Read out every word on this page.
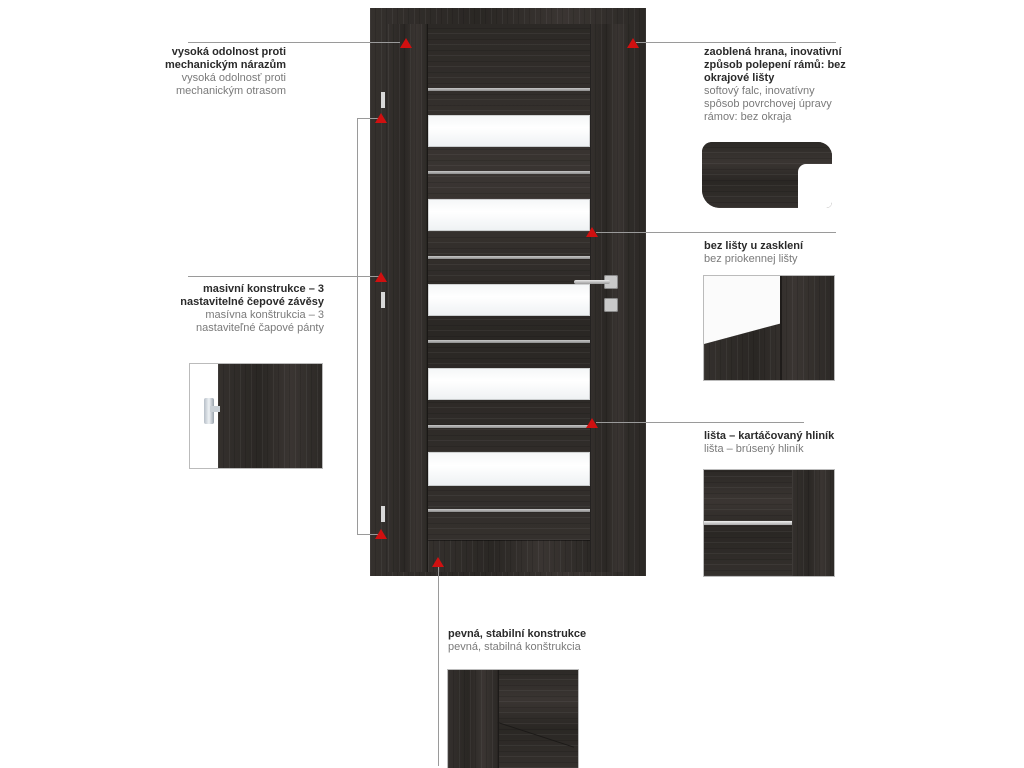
vysoká odolnost proti mechanickým nárazům
vysoká odolnosť proti mechanickým otrasom
masivní konstrukce – 3 nastavitelné čepové závěsy
masívna konštrukcia – 3 nastaviteľné čapové pánty
zaoblená hrana, inovativní způsob polepení rámů: bez okrajové lišty
softový falc, inovatívny spôsob povrchovej úpravy rámov: bez okraja
bez lišty u zasklení
bez priokennej lišty
lišta – kartáčovaný hliník
lišta – brúsený hliník
pevná, stabilní konstrukce
pevná, stabilná konštrukcia
